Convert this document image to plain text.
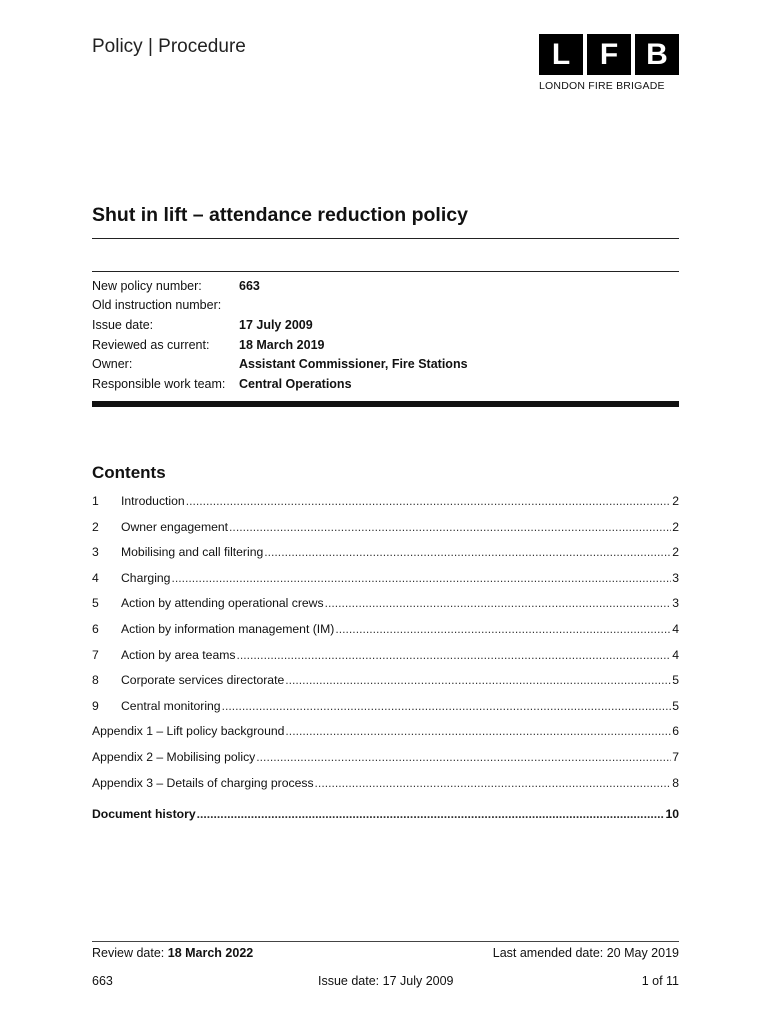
Policy | Procedure	L F B
LONDON FIRE BRIGADE
Shut in lift – attendance reduction policy
New policy number:	663
Old instruction number:
Issue date:	17 July 2009
Reviewed as current:	18 March 2019
Owner:	Assistant Commissioner, Fire Stations
Responsible work team:	Central Operations
Contents
1	Introduction .....	2
2	Owner engagement .....	2
3	Mobilising and call filtering .....	2
4	Charging .....	3
5	Action by attending operational crews .....	3
6	Action by information management (IM) .....	4
7	Action by area teams .....	4
8	Corporate services directorate .....	5
9	Central monitoring .....	5
Appendix 1 – Lift policy background .....	6
Appendix 2 – Mobilising policy .....	7
Appendix 3 – Details of charging process .....	8
Document history .....	10
Review date: 18 March 2022	Last amended date: 20 May 2019
663	Issue date: 17 July 2009	1 of 11
